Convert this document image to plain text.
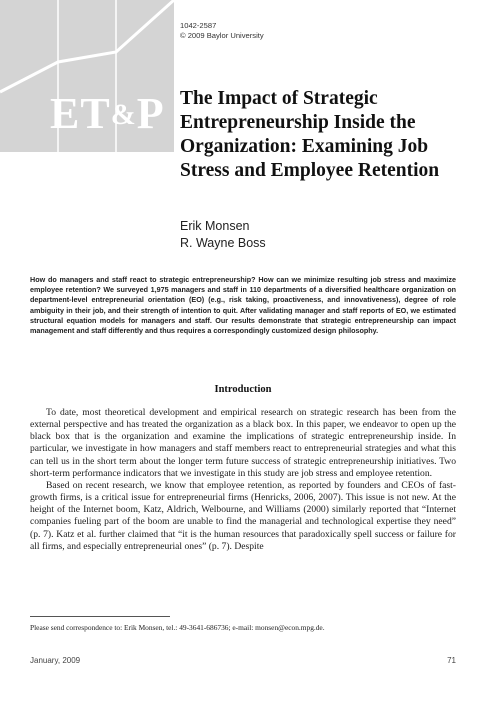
ET&P
1042-2587
© 2009 Baylor University
The Impact of Strategic Entrepreneurship Inside the Organization: Examining Job Stress and Employee Retention
Erik Monsen
R. Wayne Boss

How do managers and staff react to strategic entrepreneurship? How can we minimize resulting job stress and maximize employee retention? We surveyed 1,975 managers and staff in 110 departments of a diversified healthcare organization on department-level entrepreneurial orientation (EO) (e.g., risk taking, proactiveness, and innovativeness), degree of role ambiguity in their job, and their strength of intention to quit. After validating manager and staff reports of EO, we estimated structural equation models for managers and staff. Our results demonstrate that strategic entrepreneurship can impact management and staff differently and thus requires a correspondingly customized design philosophy.

Introduction

To date, most theoretical development and empirical research on strategic research has been from the external perspective and has treated the organization as a black box. In this paper, we endeavor to open up the black box that is the organization and examine the implications of strategic entrepreneurship inside. In particular, we investigate in how managers and staff members react to entrepreneurial strategies and what this can tell us in the short term about the longer term future success of strategic entrepreneurship initiatives. Two short-term performance indicators that we investigate in this study are job stress and employee retention.

Based on recent research, we know that employee retention, as reported by founders and CEOs of fast-growth firms, is a critical issue for entrepreneurial firms (Henricks, 2006, 2007). This issue is not new. At the height of the Internet boom, Katz, Aldrich, Welbourne, and Williams (2000) similarly reported that “Internet companies fueling part of the boom are unable to find the managerial and technological expertise they need” (p. 7). Katz et al. further claimed that “it is the human resources that paradoxically spell success or failure for all firms, and especially entrepreneurial ones” (p. 7). Despite

Please send correspondence to: Erik Monsen, tel.: 49-3641-686736; e-mail: monsen@econ.mpg.de.
January, 2009	71
